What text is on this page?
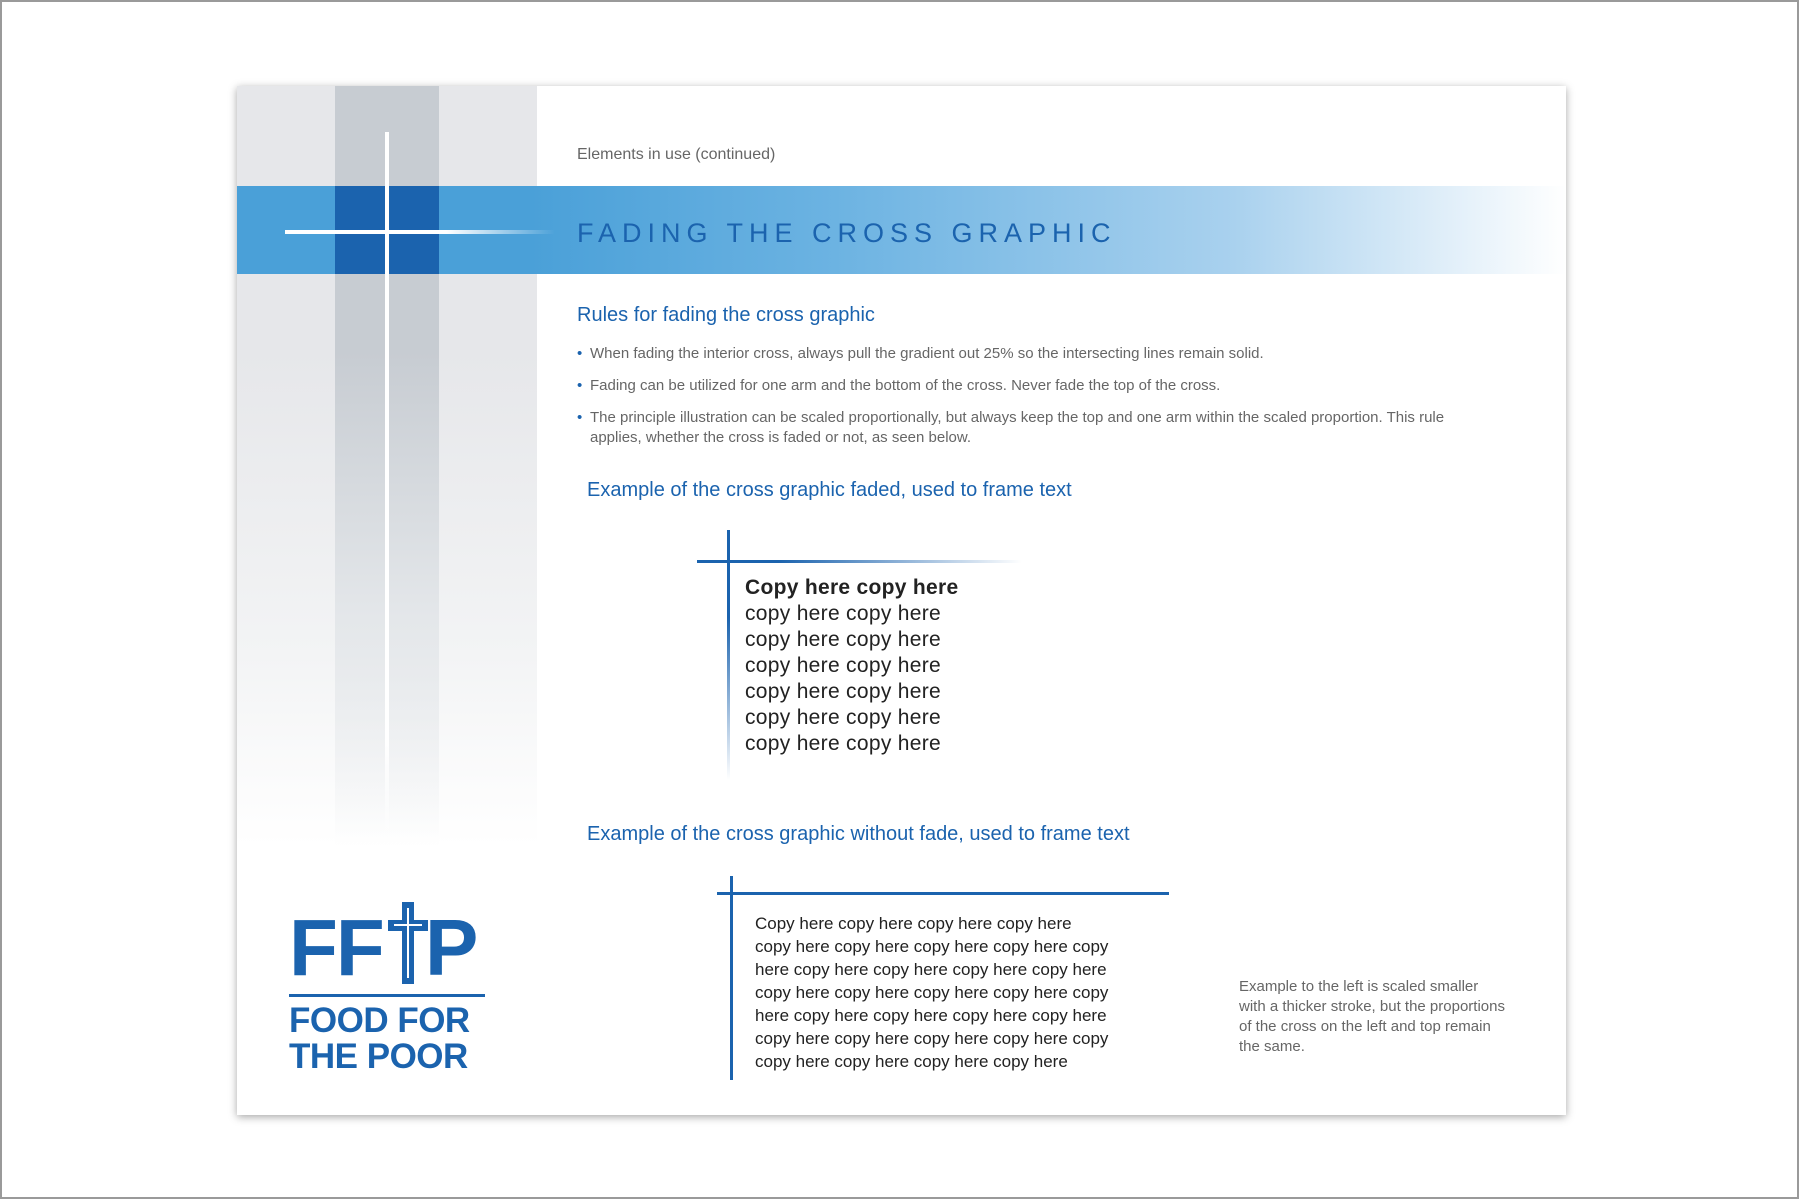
Elements in use (continued)
FADING THE CROSS GRAPHIC
Rules for fading the cross graphic
• When fading the interior cross, always pull the gradient out 25% so the intersecting lines remain solid.
• Fading can be utilized for one arm and the bottom of the cross. Never fade the top of the cross.
• The principle illustration can be scaled proportionally, but always keep the top and one arm within the scaled proportion. This rule applies, whether the cross is faded or not, as seen below.
Example of the cross graphic faded, used to frame text
Copy here copy here
copy here copy here
copy here copy here
copy here copy here
copy here copy here
copy here copy here
copy here copy here
Example of the cross graphic without fade, used to frame text
Copy here copy here copy here copy here
copy here copy here copy here copy here copy
here copy here copy here copy here copy here
copy here copy here copy here copy here copy
here copy here copy here copy here copy here
copy here copy here copy here copy here copy
copy here copy here copy here copy here
Example to the left is scaled smaller with a thicker stroke, but the proportions of the cross on the left and top remain the same.
FF P
FOOD FOR
THE POOR
